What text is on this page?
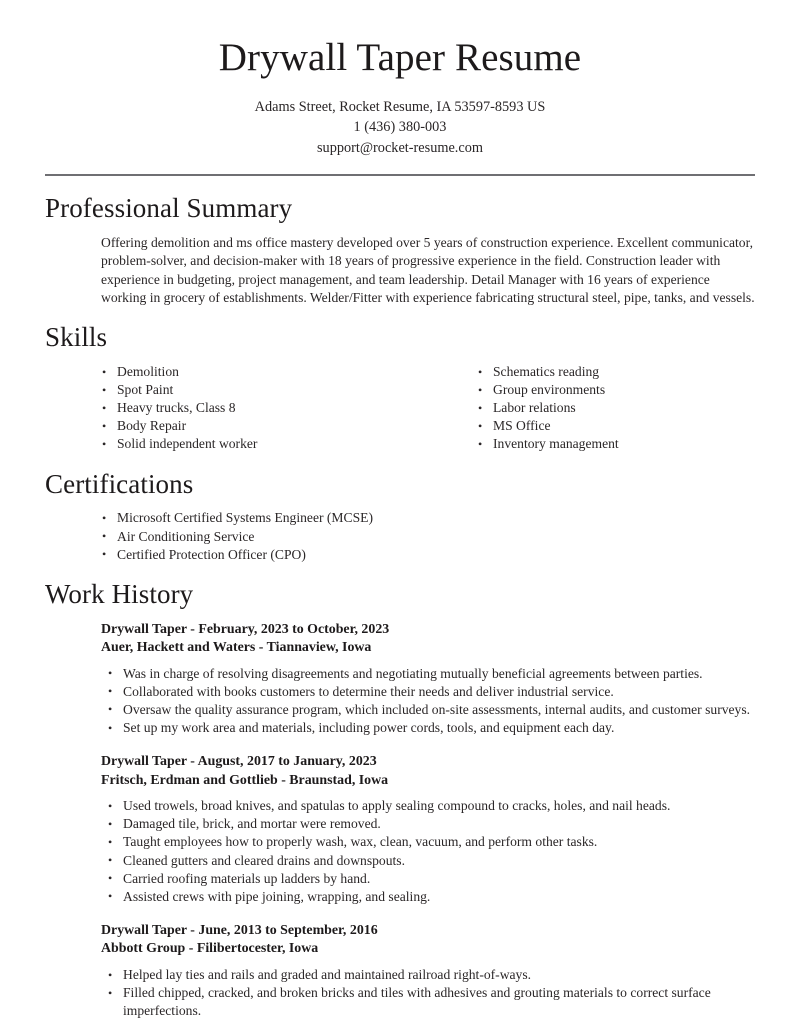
Drywall Taper Resume
Adams Street, Rocket Resume, IA 53597-8593 US
1 (436) 380-003
support@rocket-resume.com
Professional Summary

Offering demolition and ms office mastery developed over 5 years of construction experience. Excellent communicator, problem-solver, and decision-maker with 18 years of progressive experience in the field. Construction leader with experience in budgeting, project management, and team leadership. Detail Manager with 16 years of experience working in grocery of establishments. Welder/Fitter with experience fabricating structural steel, pipe, tanks, and vessels.

Skills
• Demolition
• Spot Paint
• Heavy trucks, Class 8
• Body Repair
• Solid independent worker
• Schematics reading
• Group environments
• Labor relations
• MS Office
• Inventory management
Certifications
• Microsoft Certified Systems Engineer (MCSE)
• Air Conditioning Service
• Certified Protection Officer (CPO)
Work History
Drywall Taper - February, 2023 to October, 2023
Auer, Hackett and Waters - Tiannaview, Iowa
• Was in charge of resolving disagreements and negotiating mutually beneficial agreements between parties.
• Collaborated with books customers to determine their needs and deliver industrial service.
• Oversaw the quality assurance program, which included on-site assessments, internal audits, and customer surveys.
• Set up my work area and materials, including power cords, tools, and equipment each day.
Drywall Taper - August, 2017 to January, 2023
Fritsch, Erdman and Gottlieb - Braunstad, Iowa
• Used trowels, broad knives, and spatulas to apply sealing compound to cracks, holes, and nail heads.
• Damaged tile, brick, and mortar were removed.
• Taught employees how to properly wash, wax, clean, vacuum, and perform other tasks.
• Cleaned gutters and cleared drains and downspouts.
• Carried roofing materials up ladders by hand.
• Assisted crews with pipe joining, wrapping, and sealing.
Drywall Taper - June, 2013 to September, 2016
Abbott Group - Filibertocester, Iowa
• Helped lay ties and rails and graded and maintained railroad right-of-ways.
• Filled chipped, cracked, and broken bricks and tiles with adhesives and grouting materials to correct surface imperfections.
